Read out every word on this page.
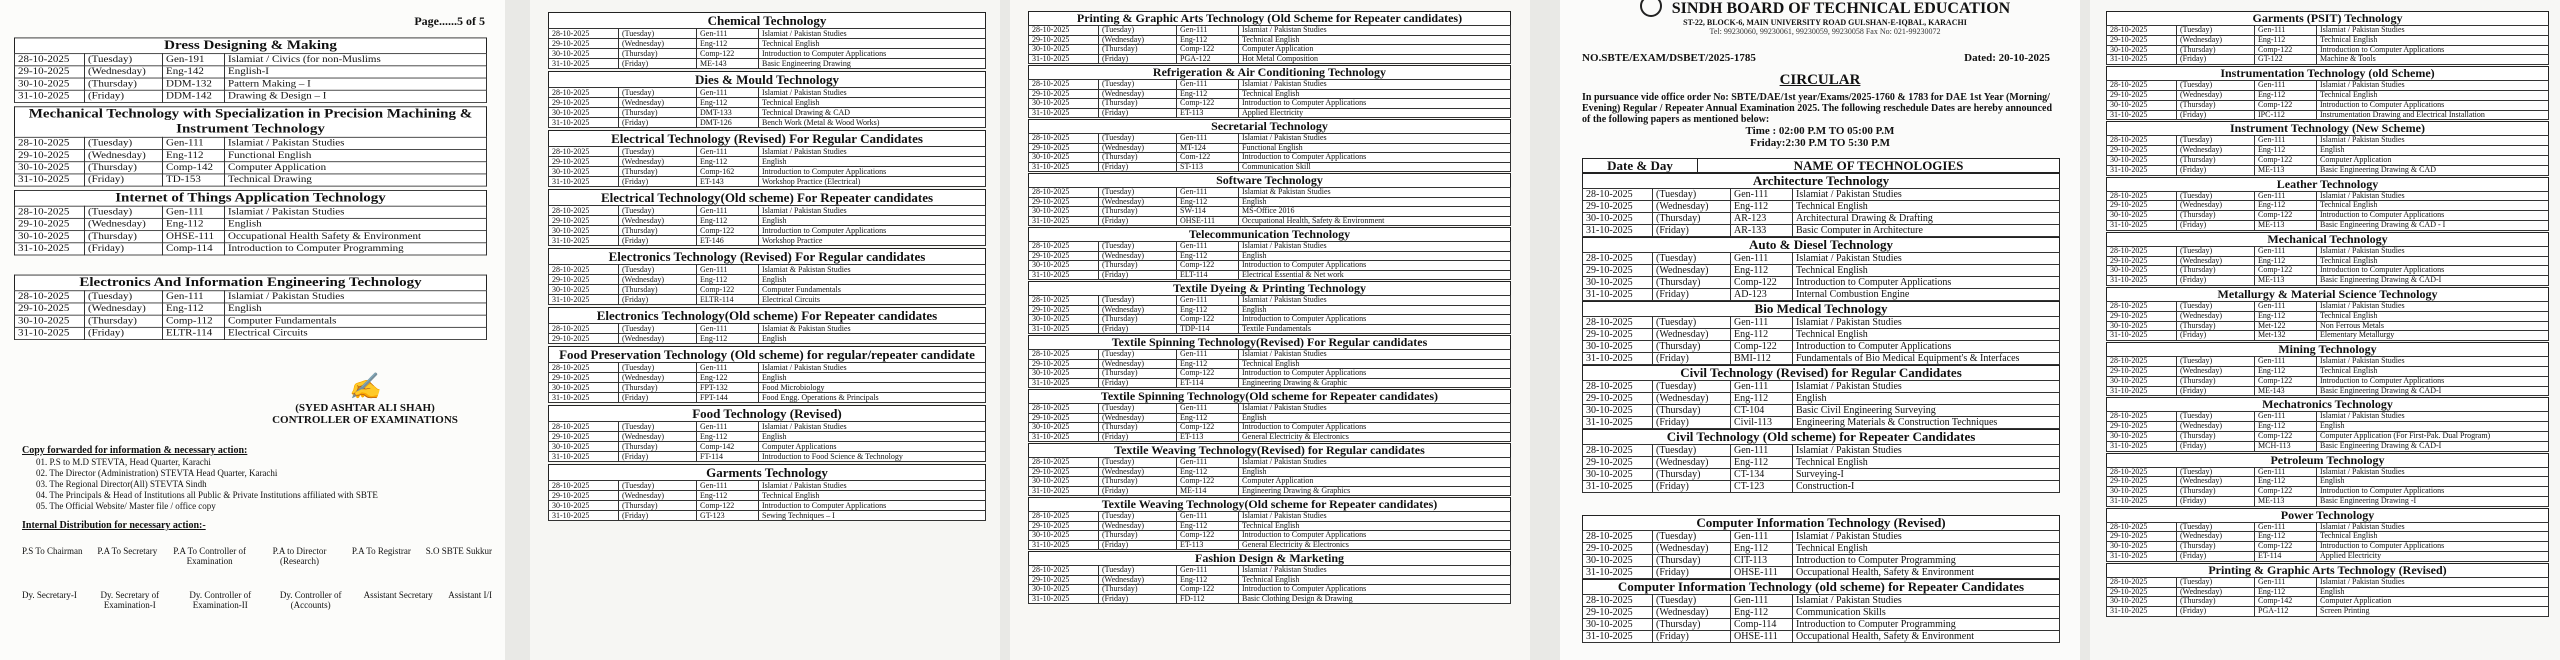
Page......5 of 5
Dress Designing & Making
28-10-2025	(Tuesday)	Gen-191	Islamiat / Civics (for non-Muslims
29-10-2025	(Wednesday)	Eng-142	English-I
30-10-2025	(Thursday)	DDM-132	Pattern Making – I
31-10-2025	(Friday)	DDM-142	Drawing & Design – I
Mechanical Technology with Specialization in Precision Machining & Instrument Technology
28-10-2025	(Tuesday)	Gen-111	Islamiat / Pakistan Studies
29-10-2025	(Wednesday)	Eng-112	Functional English
30-10-2025	(Thursday)	Comp-142	Computer Application
31-10-2025	(Friday)	TD-153	Technical Drawing
Internet of Things Application Technology
28-10-2025	(Tuesday)	Gen-111	Islamiat / Pakistan Studies
29-10-2025	(Wednesday)	Eng-112	English
30-10-2025	(Thursday)	OHSE-111	Occupational Health Safety & Environment
31-10-2025	(Friday)	Comp-114	Introduction to Computer Programming
Electronics And Information Engineering Technology
28-10-2025	(Tuesday)	Gen-111	Islamiat / Pakistan Studies
29-10-2025	(Wednesday)	Eng-112	English
30-10-2025	(Thursday)	Comp-112	Computer Fundamentals
31-10-2025	(Friday)	ELTR-114	Electrical Circuits
✍
(SYED ASHTAR ALI SHAH)
CONTROLLER OF EXAMINATIONS
Copy forwarded for information & necessary action:
01. P.S to M.D STEVTA, Head Quarter, Karachi
02. The Director (Administration) STEVTA Head Quarter, Karachi
03. The Regional Director(All) STEVTA Sindh
04. The Principals & Head of Institutions all Public & Private Institutions affiliated with SBTE
05. The Official Website/ Master file / office copy
Internal Distribution for necessary action:-
P.S To Chairman P.A To Secretary P.A To Controller of Examination
P.A to Director (Research)
P.A To Registrar S.O SBTE Sukkur
Dy. Secretary-I	Dy. Secretary of Examination-I
Dy. Controller of Examination-II
Dy. Controller of (Accounts)
Assistant Secretary Assistant I/I
Chemical Technology
28-10-2025	(Tuesday)	Gen-111	Islamiat / Pakistan Studies
29-10-2025	(Wednesday)	Eng-112	Technical English
30-10-2025	(Thursday)	Comp-122	Introduction to Computer Applications
31-10-2025	(Friday)	ME-143	Basic Engineering Drawing
Dies & Mould Technology
28-10-2025	(Tuesday)	Gen-111	Islamiat / Pakistan Studies
29-10-2025	(Wednesday)	Eng-112	Technical English
30-10-2025	(Thursday)	DMT-133	Technical Drawing & CAD
31-10-2025	(Friday)	DMT-126	Bench Work (Metal & Wood Works)
Electrical Technology (Revised) For Regular Candidates
28-10-2025	(Tuesday)	Gen-111	Islamiat / Pakistan Studies
29-10-2025	(Wednesday)	Eng-112	English
30-10-2025	(Thursday)	Comp-162	Introduction to Computer Applications
31-10-2025	(Friday)	ET-143	Workshop Practice (Electrical)
Electrical Technology(Old scheme) For Repeater candidates
28-10-2025	(Tuesday)	Gen-111	Islamiat / Pakistan Studies
29-10-2025	(Wednesday)	Eng-112	English
30-10-2025	(Thursday)	Comp-122	Introduction to Computer Applications
31-10-2025	(Friday)	ET-146	Workshop Practice
Electronics Technology (Revised) For Regular candidates
28-10-2025	(Tuesday)	Gen-111	Islamiat & Pakistan Studies
29-10-2025	(Wednesday)	Eng-112	English
30-10-2025	(Thursday)	Comp-122	Computer Fundamentals
31-10-2025	(Friday)	ELTR-114	Electrical Circuits
Electronics Technology(Old scheme) For Repeater candidates
28-10-2025	(Tuesday)	Gen-111	Islamiat & Pakistan Studies
29-10-2025	(Wednesday)	Eng-112	English
Food Preservation Technology (Old scheme) for regular/repeater candidate
28-10-2025	(Tuesday)	Gen-111	Islamiat / Pakistan Studies
29-10-2025	(Wednesday)	Eng-122	English
30-10-2025	(Thursday)	FPT-132	Food Microbiology
31-10-2025	(Friday)	FPT-144	Food Engg. Operations & Principals
Food Technology (Revised)
28-10-2025	(Tuesday)	Gen-111	Islamiat / Pakistan Studies
29-10-2025	(Wednesday)	Eng-112	English
30-10-2025	(Thursday)	Comp-142	Computer Applications
31-10-2025	(Friday)	FT-114	Introduction to Food Science & Technology
Garments Technology
28-10-2025	(Tuesday)	Gen-111	Islamiat / Pakistan Studies
29-10-2025	(Wednesday)	Eng-112	Technical English
30-10-2025	(Thursday)	Comp-122	Introduction to Computer Applications
31-10-2025	(Friday)	GT-123	Sewing Techniques – I
Printing & Graphic Arts Technology (Old Scheme for Repeater candidates)
28-10-2025	(Tuesday)	Gen-111	Islamiat / Pakistan Studies
29-10-2025	(Wednesday)	Eng-112	Technical English
30-10-2025	(Thursday)	Comp-122	Computer Application
31-10-2025	(Friday)	PGA-122	Hot Metal Composition
Refrigeration & Air Conditioning Technology
28-10-2025	(Tuesday)	Gen-111	Islamiat / Pakistan Studies
29-10-2025	(Wednesday)	Eng-112	Technical English
30-10-2025	(Thursday)	Comp-122	Introduction to Computer Applications
31-10-2025	(Friday)	ET-113	Applied Electricity
Secretarial Technology
28-10-2025	(Tuesday)	Gen-111	Islamiat / Pakistan Studies
29-10-2025	(Wednesday)	MT-124	Functional English
30-10-2025	(Thursday)	Com-122	Introduction to Computer Applications
31-10-2025	(Friday)	ST-113	Communication Skill
Software Technology
28-10-2025	(Tuesday)	Gen-111	Islamiat & Pakistan Studies
29-10-2025	(Wednesday)	Eng-112	English
30-10-2025	(Thursday)	SW-114	MS-Office 2016
31-10-2025	(Friday)	OHSE-111	Occupational Health, Safety & Environment
Telecommunication Technology
28-10-2025	(Tuesday)	Gen-111	Islamiat / Pakistan Studies
29-10-2025	(Wednesday)	Eng-112	English
30-10-2025	(Thursday)	Comp-122	Introduction to Computer Applications
31-10-2025	(Friday)	ELT-114	Electrical Essential & Net work
Textile Dyeing & Printing Technology
28-10-2025	(Tuesday)	Gen-111	Islamiat / Pakistan Studies
29-10-2025	(Wednesday)	Eng-112	English
30-10-2025	(Thursday)	Comp-122	Introduction to Computer Applications
31-10-2025	(Friday)	TDP-114	Textile Fundamentals
Textile Spinning Technology(Revised) For Regular candidates
28-10-2025	(Tuesday)	Gen-111	Islamiat / Pakistan Studies
29-10-2025	(Wednesday)	Eng-112	Technical English
30-10-2025	(Thursday)	Comp-122	Introduction to Computer Applications
31-10-2025	(Friday)	ET-114	Engineering Drawing & Graphic
Textile Spinning Technology(Old scheme for Repeater candidates)
28-10-2025	(Tuesday)	Gen-111	Islamiat / Pakistan Studies
29-10-2025	(Wednesday)	Eng-112	English
30-10-2025	(Thursday)	Comp-122	Introduction to Computer Applications
31-10-2025	(Friday)	ET-113	General Electricity & Electronics
Textile Weaving Technology(Revised) for Regular candidates
28-10-2025	(Tuesday)	Gen-111	Islamiat / Pakistan Studies
29-10-2025	(Wednesday)	Eng-112	English
30-10-2025	(Thursday)	Comp-122	Computer Application
31-10-2025	(Friday)	ME-114	Engineering Drawing & Graphics
Textile Weaving Technology(Old scheme for Repeater candidates)
28-10-2025	(Tuesday)	Gen-111	Islamiat / Pakistan Studies
29-10-2025	(Wednesday)	Eng-112	Technical English
30-10-2025	(Thursday)	Comp-122	Introduction to Computer Applications
31-10-2025	(Friday)	ET-113	General Electricity & Electronics
Fashion Design & Marketing
28-10-2025	(Tuesday)	Gen-111	Islamiat / Pakistan Studies
29-10-2025	(Wednesday)	Eng-112	Technical English
30-10-2025	(Thursday)	Comp-122	Introduction to Computer Applications
31-10-2025	(Friday)	FD-112	Basic Clothing Design & Drawing
SINDH BOARD OF TECHNICAL EDUCATION
ST-22, BLOCK-6, MAIN UNIVERSITY ROAD GULSHAN-E-IQBAL, KARACHI
Tel: 99230060, 99230061, 99230059, 99230058 Fax No: 021-99230072
NO.SBTE/EXAM/DSBET/2025-1785	Dated: 20-10-2025
CIRCULAR
In pursuance vide office order No: SBTE/DAE/1st year/Exams/2025-1760 & 1783 for DAE 1st Year (Morning/ Evening) Regular / Repeater Annual Examination 2025. The following reschedule Dates are hereby announced of the following papers as mentioned below:
Time : 02:00 P.M TO 05:00 P.M
Friday:2:30 P.M TO 5:30 P.M
Date & Day	NAME OF TECHNOLOGIES
Architecture Technology
28-10-2025	(Tuesday)	Gen-111	Islamiat / Pakistan Studies
29-10-2025	(Wednesday)	Eng-112	Technical English
30-10-2025	(Thursday)	AR-123	Architectural Drawing & Drafting
31-10-2025	(Friday)	AR-133	Basic Computer in Architecture
Auto & Diesel Technology
28-10-2025	(Tuesday)	Gen-111	Islamiat / Pakistan Studies
29-10-2025	(Wednesday)	Eng-112	Technical English
30-10-2025	(Thursday)	Comp-122	Introduction to Computer Applications
31-10-2025	(Friday)	AD-123	Internal Combustion Engine
Bio Medical Technology
28-10-2025	(Tuesday)	Gen-111	Islamiat / Pakistan Studies
29-10-2025	(Wednesday)	Eng-112	Technical English
30-10-2025	(Thursday)	Comp-122	Introduction to Computer Applications
31-10-2025	(Friday)	BMI-112	Fundamentals of Bio Medical Equipment's & Interfaces
Civil Technology (Revised) for Regular Candidates
28-10-2025	(Tuesday)	Gen-111	Islamiat / Pakistan Studies
29-10-2025	(Wednesday)	Eng-112	English
30-10-2025	(Thursday)	CT-104	Basic Civil Engineering Surveying
31-10-2025	(Friday)	Civil-113	Engineering Materials & Construction Techniques
Civil Technology (Old scheme) for Repeater Candidates
28-10-2025	(Tuesday)	Gen-111	Islamiat / Pakistan Studies
29-10-2025	(Wednesday)	Eng-112	Technical English
30-10-2025	(Thursday)	CT-134	Surveying-I
31-10-2025	(Friday)	CT-123	Construction-I
Computer Information Technology (Revised)
28-10-2025	(Tuesday)	Gen-111	Islamiat / Pakistan Studies
29-10-2025	(Wednesday)	Eng-112	Technical English
30-10-2025	(Thursday)	CIT-113	Introduction to Computer Programming
31-10-2025	(Friday)	OHSE-111	Occupational Health, Safety & Environment
Computer Information Technology (old scheme) for Repeater Candidates
28-10-2025	(Tuesday)	Gen-111	Islamiat / Pakistan Studies
29-10-2025	(Wednesday)	Eng-112	Communication Skills
30-10-2025	(Thursday)	Comp-114	Introduction to Computer Programming
31-10-2025	(Friday)	OHSE-111	Occupational Health, Safety & Environment
Garments (PSIT) Technology
28-10-2025	(Tuesday)	Gen-111	Islamiat / Pakistan Studies
29-10-2025	(Wednesday)	Eng-112	Technical English
30-10-2025	(Thursday)	Comp-122	Introduction to Computer Applications
31-10-2025	(Friday)	GT-122	Machine & Tools
Instrumentation Technology (old Scheme)
28-10-2025	(Tuesday)	Gen-111	Islamiat / Pakistan Studies
29-10-2025	(Wednesday)	Eng-112	Technical English
30-10-2025	(Thursday)	Comp-122	Introduction to Computer Applications
31-10-2025	(Friday)	IPC-112	Instrumentation Drawing and Electrical Installation
Instrument Technology (New Scheme)
28-10-2025	(Tuesday)	Gen-111	Islamiat / Pakistan Studies
29-10-2025	(Wednesday)	Eng-112	English
30-10-2025	(Thursday)	Comp-122	Computer Application
31-10-2025	(Friday)	ME-113	Basic Engineering Drawing & CAD
Leather Technology
28-10-2025	(Tuesday)	Gen-111	Islamiat / Pakistan Studies
29-10-2025	(Wednesday)	Eng-112	Technical English
30-10-2025	(Thursday)	Comp-122	Introduction to Computer Applications
31-10-2025	(Friday)	ME-113	Basic Engineering Drawing & CAD - I
Mechanical Technology
28-10-2025	(Tuesday)	Gen-111	Islamiat / Pakistan Studies
29-10-2025	(Wednesday)	Eng-112	Technical English
30-10-2025	(Thursday)	Comp-122	Introduction to Computer Applications
31-10-2025	(Friday)	ME-113	Basic Engineering Drawing & CAD-I
Metallurgy & Material Science Technology
28-10-2025	(Tuesday)	Gen-111	Islamiat / Pakistan Studies
29-10-2025	(Wednesday)	Eng-112	Technical English
30-10-2025	(Thursday)	Met-122	Non Ferrous Metals
31-10-2025	(Friday)	Met-132	Elementary Metallurgy
Mining Technology
28-10-2025	(Tuesday)	Gen-111	Islamiat / Pakistan Studies
29-10-2025	(Wednesday)	Eng-112	Technical English
30-10-2025	(Thursday)	Comp-122	Introduction to Computer Applications
31-10-2025	(Friday)	ME-143	Basic Engineering Drawing & CAD-I
Mechatronics Technology
28-10-2025	(Tuesday)	Gen-111	Islamiat / Pakistan Studies
29-10-2025	(Wednesday)	Eng-112	English
30-10-2025	(Thursday)	Comp-122	Computer Application (For First-Pak. Dual Program)
31-10-2025	(Friday)	MCH-113	Basic Engineering Drawing & CAD-I
Petroleum Technology
28-10-2025	(Tuesday)	Gen-111	Islamiat / Pakistan Studies
29-10-2025	(Wednesday)	Eng-112	English
30-10-2025	(Thursday)	Comp-122	Introduction to Computer Applications
31-10-2025	(Friday)	ME-113	Basic Engineering Drawing -I
Power Technology
28-10-2025	(Tuesday)	Gen-111	Islamiat / Pakistan Studies
29-10-2025	(Wednesday)	Eng-112	Technical English
30-10-2025	(Thursday)	Comp-122	Introduction to Computer Applications
31-10-2025	(Friday)	ET-114	Applied Electricity
Printing & Graphic Arts Technology (Revised)
28-10-2025	(Tuesday)	Gen-111	Islamiat / Pakistan Studies
29-10-2025	(Wednesday)	Eng-112	English
30-10-2025	(Thursday)	Comp-142	Computer Application
31-10-2025	(Friday)	PGA-112	Screen Printing
